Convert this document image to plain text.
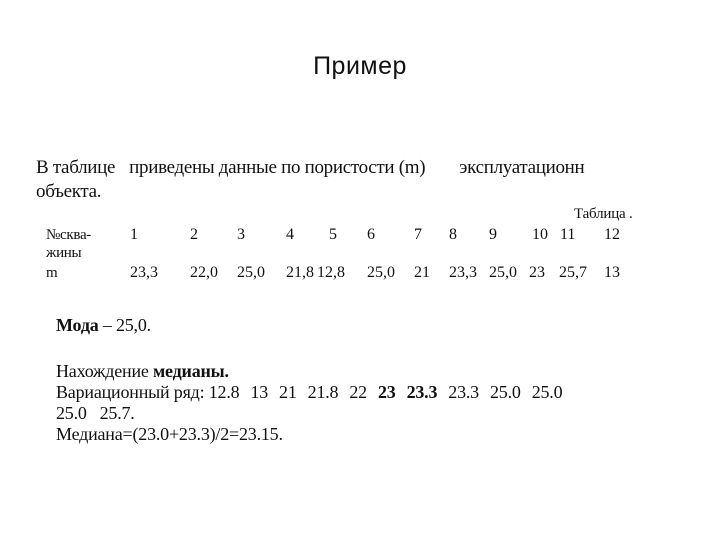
Пример
В таблице приведены данные по пористости (m) эксплуатационн
объекта.
Таблица .
№сква-
жины
m
1	2 3	4 5 6 7 8 9 10 11 12
23,3 22,0 25,0 21,8 12,8 25,0 21 23,3 25,0 23 25,7 13
Мода – 25,0.
Нахождение медианы.
Вариационный ряд: 12.8 13 21 21.8 22 23 23.3 23.3 25.0 25.0
25.0   25.7.
Медиана=(23.0+23.3)/2=23.15.
